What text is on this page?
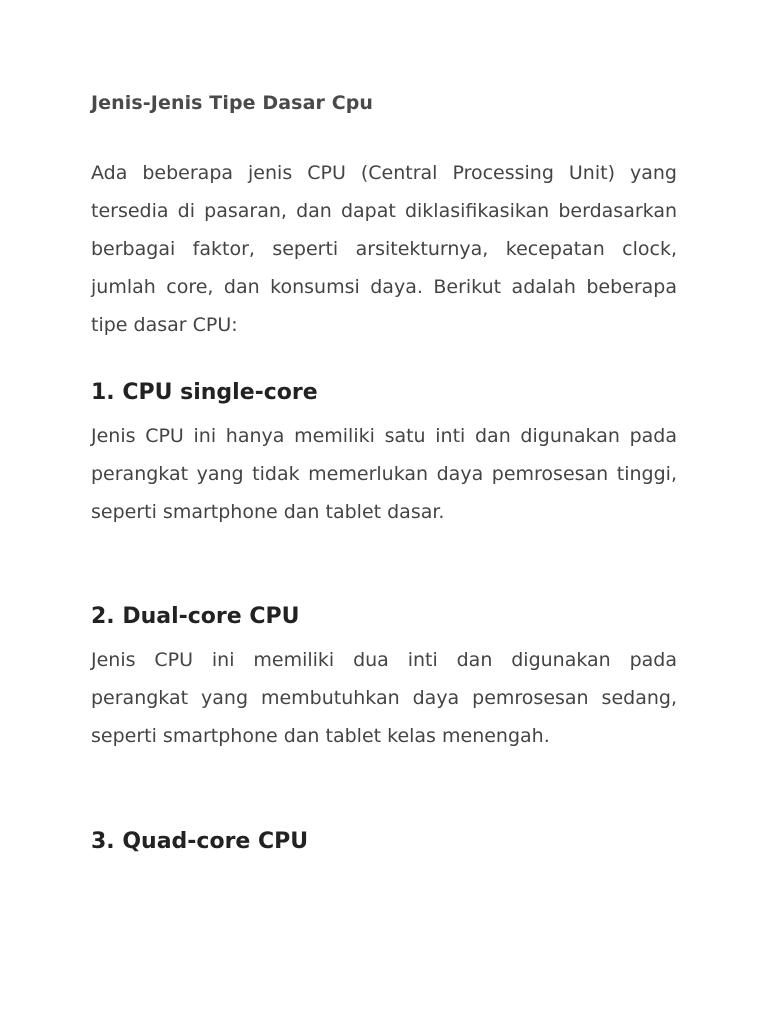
Jenis-Jenis Tipe Dasar Cpu

Ada beberapa jenis CPU (Central Processing Unit) yang tersedia di pasaran, dan dapat diklasifikasikan berdasarkan berbagai faktor, seperti arsitekturnya, kecepatan clock, jumlah core, dan konsumsi daya. Berikut adalah beberapa tipe dasar CPU:

1. CPU single-core

Jenis CPU ini hanya memiliki satu inti dan digunakan pada perangkat yang tidak memerlukan daya pemrosesan tinggi, seperti smartphone dan tablet dasar.

2. Dual-core CPU

Jenis CPU ini memiliki dua inti dan digunakan pada perangkat yang membutuhkan daya pemrosesan sedang, seperti smartphone dan tablet kelas menengah.

3. Quad-core CPU
